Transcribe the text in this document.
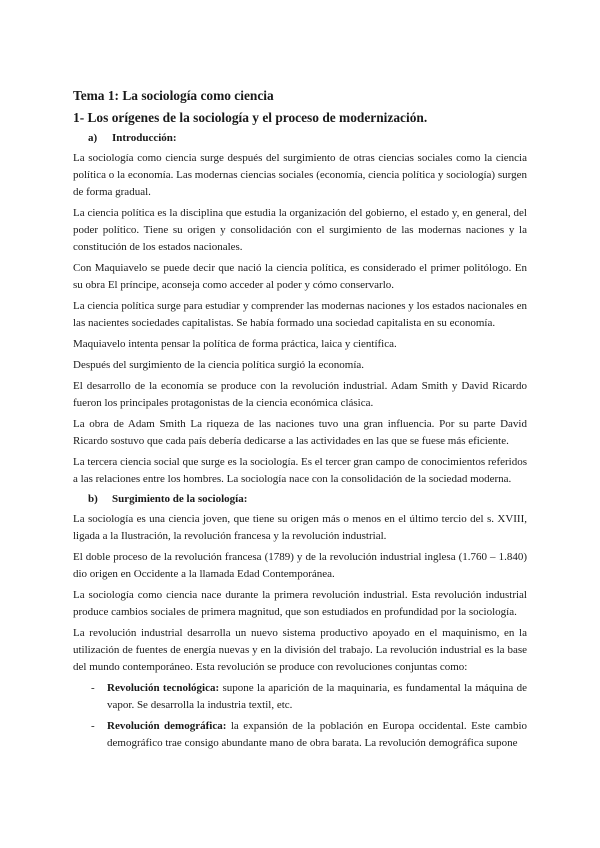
Tema 1: La sociología como ciencia
1- Los orígenes de la sociología y el proceso de modernización.
a) Introducción:

La sociología como ciencia surge después del surgimiento de otras ciencias sociales como la ciencia política o la economía. Las modernas ciencias sociales (economía, ciencia política y sociología) surgen de forma gradual.

La ciencia política es la disciplina que estudia la organización del gobierno, el estado y, en general, del poder político. Tiene su origen y consolidación con el surgimiento de las modernas naciones y la constitución de los estados nacionales.

Con Maquiavelo se puede decir que nació la ciencia política, es considerado el primer politólogo. En su obra El príncipe, aconseja como acceder al poder y cómo conservarlo.

La ciencia política surge para estudiar y comprender las modernas naciones y los estados nacionales en las nacientes sociedades capitalistas. Se había formado una sociedad capitalista en su economía.

Maquiavelo intenta pensar la política de forma práctica, laica y científica.

Después del surgimiento de la ciencia política surgió la economía.

El desarrollo de la economía se produce con la revolución industrial. Adam Smith y David Ricardo fueron los principales protagonistas de la ciencia económica clásica.

La obra de Adam Smith La riqueza de las naciones tuvo una gran influencia. Por su parte David Ricardo sostuvo que cada país debería dedicarse a las actividades en las que se fuese más eficiente.

La tercera ciencia social que surge es la sociología. Es el tercer gran campo de conocimientos referidos a las relaciones entre los hombres. La sociología nace con la consolidación de la sociedad moderna.

b) Surgimiento de la sociología:

La sociología es una ciencia joven, que tiene su origen más o menos en el último tercio del s. XVIII, ligada a la Ilustración, la revolución francesa y la revolución industrial.

El doble proceso de la revolución francesa (1789) y de la revolución industrial inglesa (1.760 – 1.840) dio origen en Occidente a la llamada Edad Contemporánea.

La sociología como ciencia nace durante la primera revolución industrial. Esta revolución industrial produce cambios sociales de primera magnitud, que son estudiados en profundidad por la sociología.

La revolución industrial desarrolla un nuevo sistema productivo apoyado en el maquinismo, en la utilización de fuentes de energía nuevas y en la división del trabajo. La revolución industrial es la base del mundo contemporáneo. Esta revolución se produce con revoluciones conjuntas como:

- Revolución tecnológica: supone la aparición de la maquinaria, es fundamental la máquina de vapor. Se desarrolla la industria textil, etc.
- Revolución demográfica: la expansión de la población en Europa occidental. Este cambio demográfico trae consigo abundante mano de obra barata. La revolución demográfica supone
